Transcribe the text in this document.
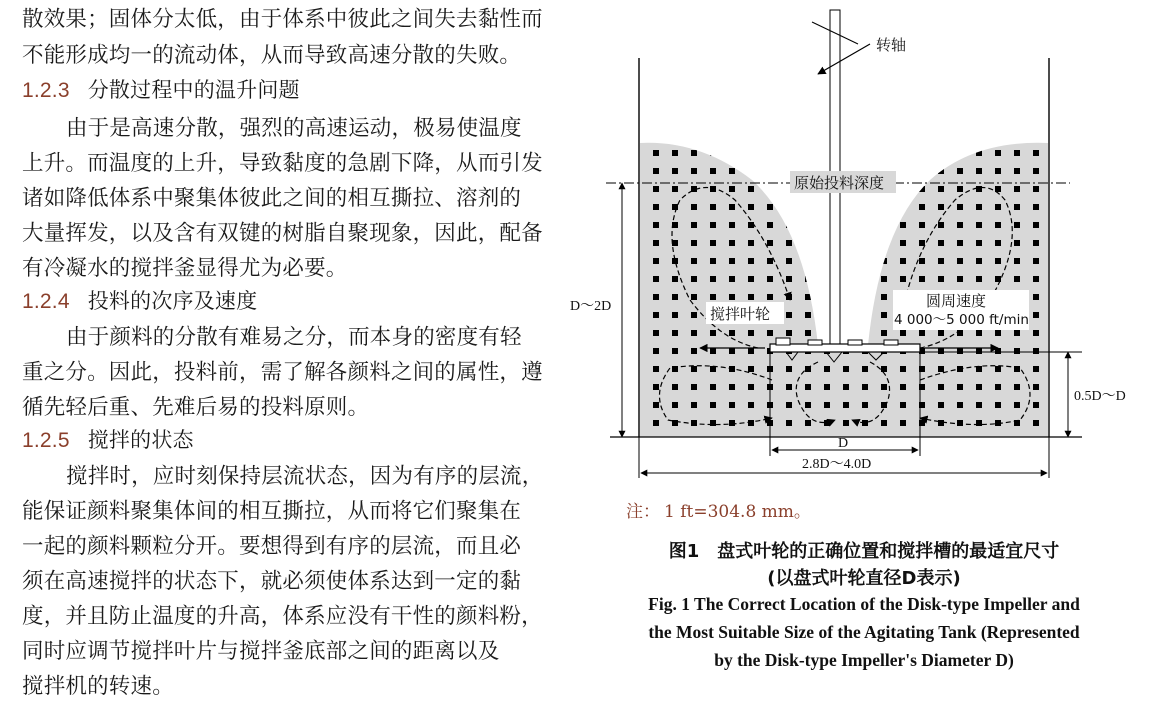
散效果；固体分太低，由于体系中彼此之间失去黏性而
不能形成均一的流动体，从而导致高速分散的失败。
1.2.3 分散过程中的温升问题
由于是高速分散，强烈的高速运动，极易使温度
上升。而温度的上升，导致黏度的急剧下降，从而引发
诸如降低体系中聚集体彼此之间的相互撕拉、溶剂的
大量挥发，以及含有双键的树脂自聚现象，因此，配备
有冷凝水的搅拌釜显得尤为必要。
1.2.4 投料的次序及速度
由于颜料的分散有难易之分，而本身的密度有轻
重之分。因此，投料前，需了解各颜料之间的属性，遵
循先轻后重、先难后易的投料原则。
1.2.5 搅拌的状态
搅拌时，应时刻保持层流状态，因为有序的层流，
能保证颜料聚集体间的相互撕拉，从而将它们聚集在
一起的颜料颗粒分开。要想得到有序的层流，而且必
须在高速搅拌的状态下，就必须使体系达到一定的黏
度，并且防止温度的升高，体系应没有干性的颜料粉，
同时应调节搅拌叶片与搅拌釜底部之间的距离以及
搅拌机的转速。
转轴
原始投料深度
搅拌叶轮
圆周速度
4 000～5 000 ft/min
D～2D
0.5D～D
D
2.8D～4.0D
注： 1 ft=304.8 mm。
图1　盘式叶轮的正确位置和搅拌槽的最适宜尺寸
(以盘式叶轮直径D表示)
Fig. 1 The Correct Location of the Disk-type Impeller and
the Most Suitable Size of the Agitating Tank (Represented
by the Disk-type Impeller's Diameter D)
